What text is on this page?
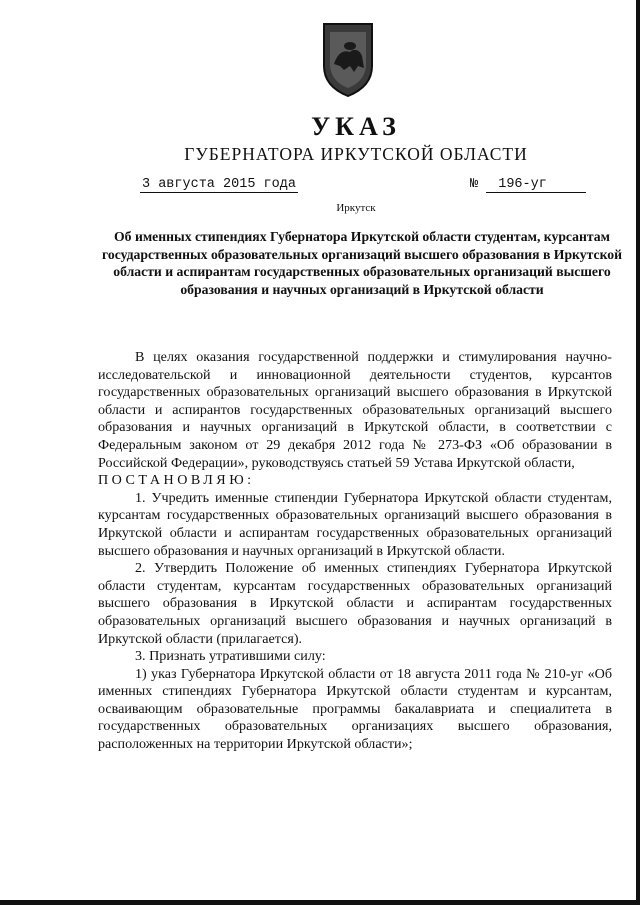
УКАЗ
ГУБЕРНАТОРА ИРКУТСКОЙ ОБЛАСТИ
3 августа 2015 года	№ 196-уг
Иркутск
Об именных стипендиях Губернатора Иркутской области студентам, курсантам государственных образовательных организаций высшего образования в Иркутской области и аспирантам государственных образовательных организаций высшего образования и научных организаций в Иркутской области

В целях оказания государственной поддержки и стимулирования научно-исследовательской и инновационной деятельности студентов, курсантов государственных образовательных организаций высшего образования в Иркутской области и аспирантов государственных образовательных организаций высшего образования и научных организаций в Иркутской области, в соответствии с Федеральным законом от 29 декабря 2012 года № 273-ФЗ «Об образовании в Российской Федерации», руководствуясь статьей 59 Устава Иркутской области,

ПОСТАНОВЛЯЮ:

1. Учредить именные стипендии Губернатора Иркутской области студентам, курсантам государственных образовательных организаций высшего образования в Иркутской области и аспирантам государственных образовательных организаций высшего образования и научных организаций в Иркутской области.

2. Утвердить Положение об именных стипендиях Губернатора Иркутской области студентам, курсантам государственных образовательных организаций высшего образования в Иркутской области и аспирантам государственных образовательных организаций высшего образования и научных организаций в Иркутской области (прилагается).

3. Признать утратившими силу:

1) указ Губернатора Иркутской области от 18 августа 2011 года № 210-уг «Об именных стипендиях Губернатора Иркутской области студентам и курсантам, осваивающим образовательные программы бакалавриата и специалитета в государственных образовательных организациях высшего образования, расположенных на территории Иркутской области»;
